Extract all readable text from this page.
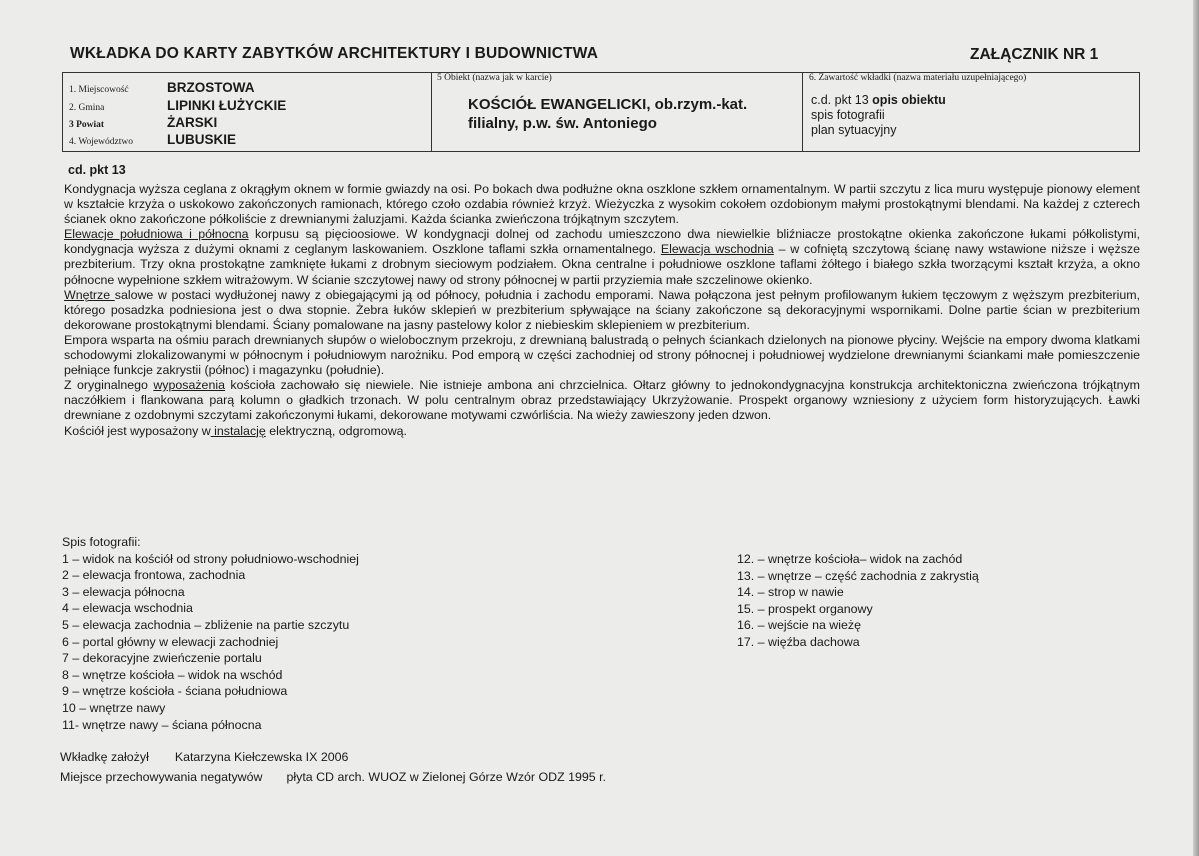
WKŁADKA DO KARTY ZABYTKÓW ARCHITEKTURY I BUDOWNICTWA	ZAŁĄCZNIK NR 1
1. Miejscowość	BRZOSTOWA
2. Gmina	LIPINKI ŁUŻYCKIE
3 Powiat	ŻARSKI
4. Województwo	LUBUSKIE
5 Obiekt (nazwa jak w karcie)
KOŚCIÓŁ EWANGELICKI, ob.rzym.-kat.
filialny, p.w. św. Antoniego
6. Zawartość wkładki (nazwa materiału uzupełniającego)
c.d. pkt 13 opis obiektu
spis fotografii
plan sytuacyjny
cd. pkt 13

Kondygnacja wyższa ceglana z okrągłym oknem w formie gwiazdy na osi. Po bokach dwa podłużne okna oszklone szkłem ornamentalnym. W partii szczytu z lica muru występuje pionowy element w kształcie krzyża o uskokowo zakończonych ramionach, którego czoło ozdabia również krzyż. Wieżyczka z wysokim cokołem ozdobionym małymi prostokątnymi blendami. Na każdej z czterech ścianek okno zakończone półkoliście z drewnianymi żaluzjami. Każda ścianka zwieńczona trójkątnym szczytem.

Elewacje południowa i północna korpusu są pięcioosiowe. W kondygnacji dolnej od zachodu umieszczono dwa niewielkie bliźniacze prostokątne okienka zakończone łukami półkolistymi, kondygnacja wyższa z dużymi oknami z ceglanym laskowaniem. Oszklone taflami szkła ornamentalnego. Elewacja wschodnia – w cofniętą szczytową ścianę nawy wstawione niższe i węższe prezbiterium. Trzy okna prostokątne zamknięte łukami z drobnym sieciowym podziałem. Okna centralne i południowe oszklone taflami żółtego i białego szkła tworzącymi kształt krzyża, a okno północne wypełnione szkłem witrażowym. W ścianie szczytowej nawy od strony północnej w partii przyziemia małe szczelinowe okienko.

Wnętrze salowe w postaci wydłużonej nawy z obiegającymi ją od północy, południa i zachodu emporami. Nawa połączona jest pełnym profilowanym łukiem tęczowym z węższym prezbiterium, którego posadzka podniesiona jest o dwa stopnie. Żebra łuków sklepień w prezbiterium spływające na ściany zakończone są dekoracyjnymi wspornikami. Dolne partie ścian w prezbiterium dekorowane prostokątnymi blendami. Ściany pomalowane na jasny pastelowy kolor z niebieskim sklepieniem w prezbiterium.

Empora wsparta na ośmiu parach drewnianych słupów o wielobocznym przekroju, z drewnianą balustradą o pełnych ściankach dzielonych na pionowe płyciny. Wejście na empory dwoma klatkami schodowymi zlokalizowanymi w północnym i południowym narożniku. Pod emporą w części zachodniej od strony północnej i południowej wydzielone drewnianymi ściankami małe pomieszczenie pełniące funkcje zakrystii (północ) i magazynku (południe).

Z oryginalnego wyposażenia kościoła zachowało się niewiele. Nie istnieje ambona ani chrzcielnica. Ołtarz główny to jednokondygnacyjna konstrukcja architektoniczna zwieńczona trójkątnym naczółkiem i flankowana parą kolumn o gładkich trzonach. W polu centralnym obraz przedstawiający Ukrzyżowanie. Prospekt organowy wzniesiony z użyciem form historyzujących. Ławki drewniane z ozdobnymi szczytami zakończonymi łukami, dekorowane motywami czwórliścia. Na wieży zawieszony jeden dzwon.

Kościół jest wyposażony w instalację elektryczną, odgromową.

Spis fotografii:
1 – widok na kościół od strony południowo-wschodniej
2 – elewacja frontowa, zachodnia
3 – elewacja północna
4 – elewacja wschodnia
5 – elewacja zachodnia – zbliżenie na partie szczytu
6 – portal główny w elewacji zachodniej
7 – dekoracyjne zwieńczenie portalu
8 – wnętrze kościoła – widok na wschód
9 – wnętrze kościoła - ściana południowa
10 – wnętrze nawy
11- wnętrze nawy – ściana północna
12. – wnętrze kościoła– widok na zachód
13. – wnętrze – część zachodnia z zakrystią
14. – strop w nawie
15. – prospekt organowy
16. – wejście na wieżę
17. – więźba dachowa
Wkładkę założył Katarzyna Kiełczewska IX 2006
Miejsce przechowywania negatywów płyta CD arch. WUOZ w Zielonej Górze Wzór ODZ 1995 r.
